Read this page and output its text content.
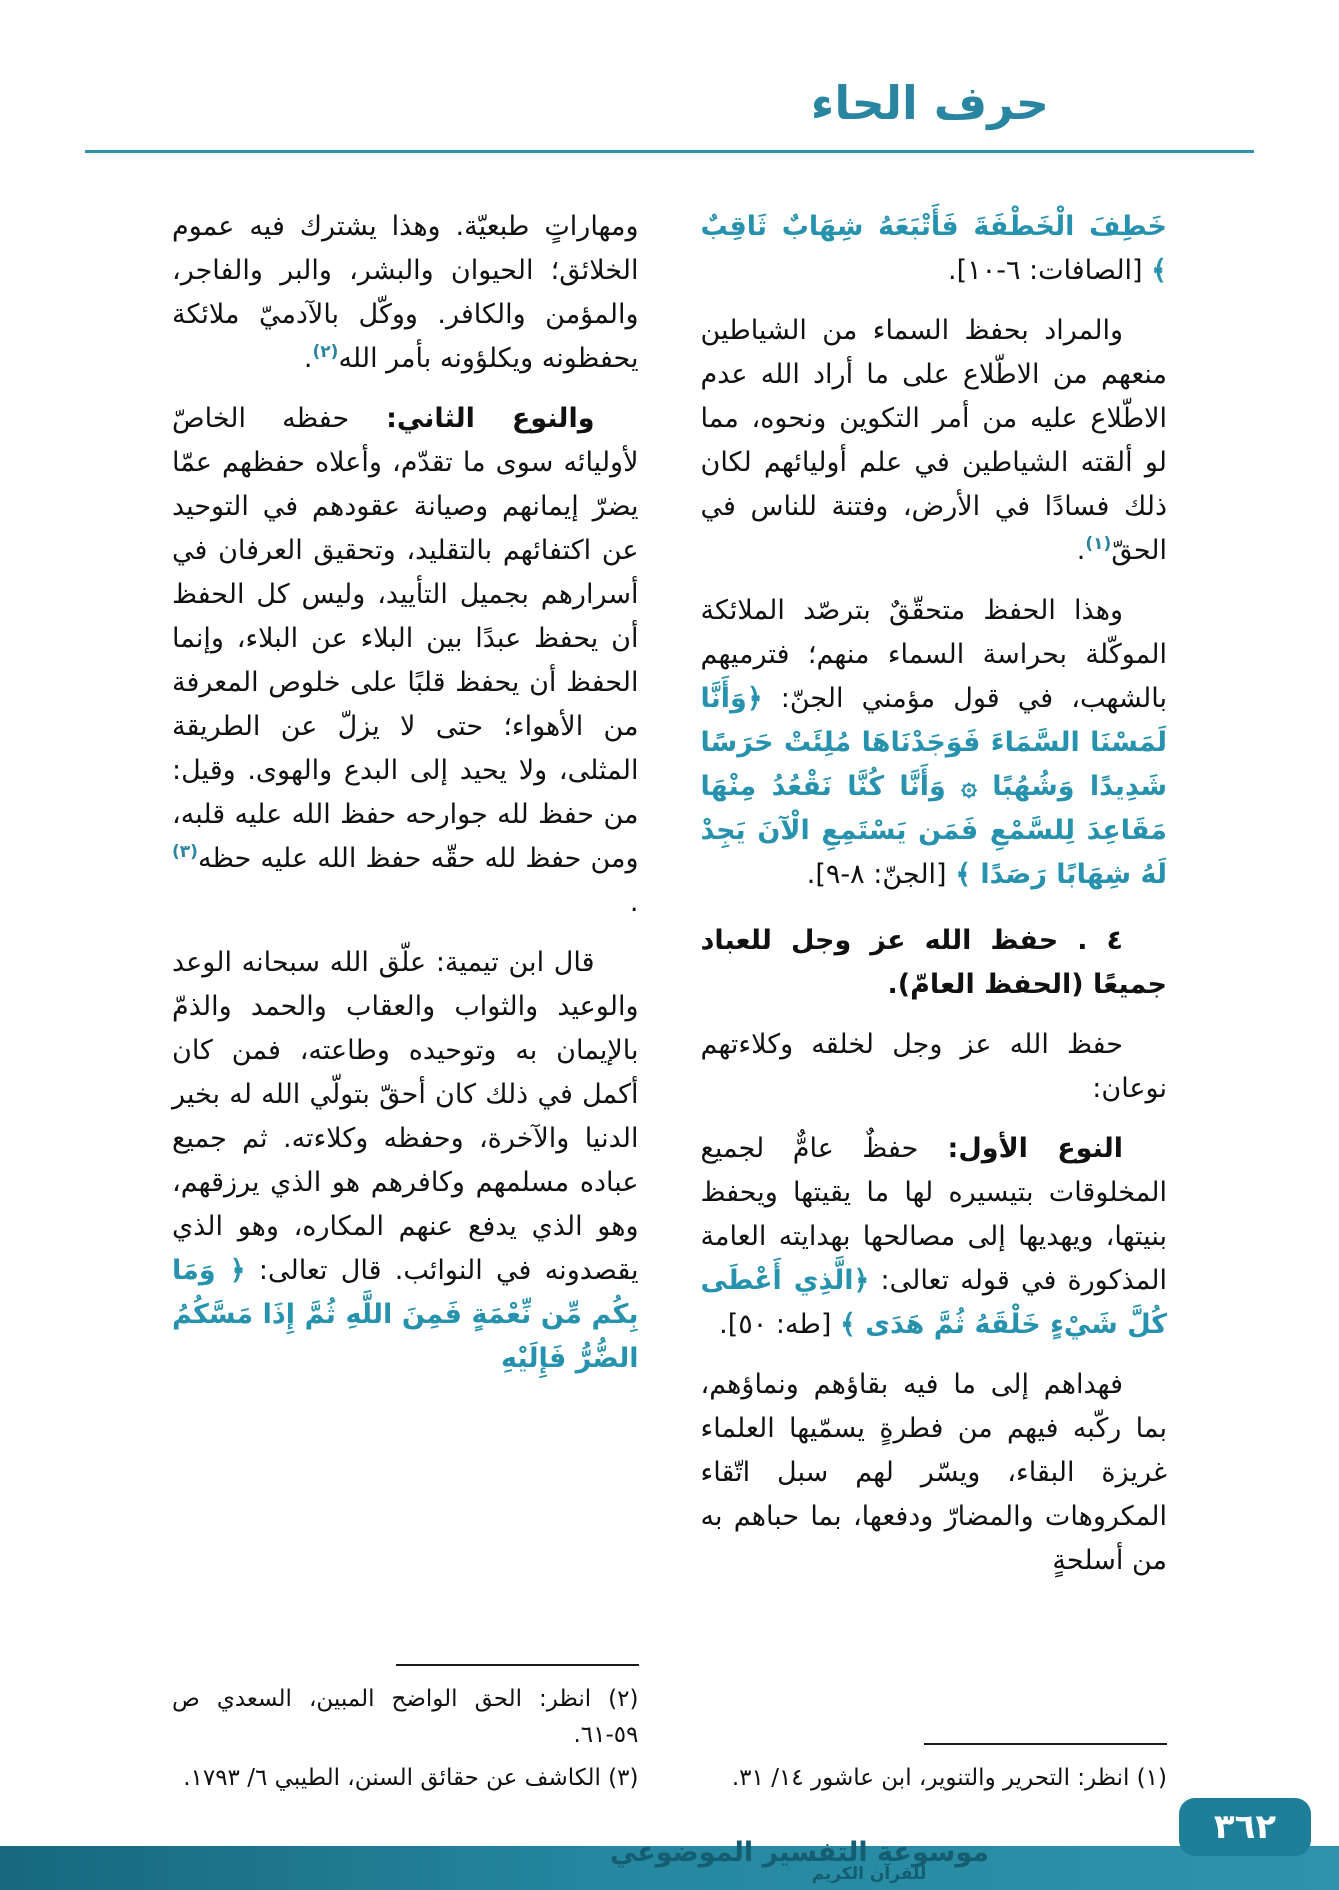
حرف الحاء

خَطِفَ الْخَطْفَةَ فَأَتْبَعَهُ شِهَابٌ ثَاقِبٌ ﴾ [الصافات: ٦-١٠].

والمراد بحفظ السماء من الشياطين منعهم من الاطّلاع على ما أراد الله عدم الاطّلاع عليه من أمر التكوين ونحوه، مما لو ألقته الشياطين في علم أوليائهم لكان ذلك فسادًا في الأرض، وفتنة للناس في الحقّ$^{(١)}$.

وهذا الحفظ متحقّقٌ بترصّد الملائكة الموكّلة بحراسة السماء منهم؛ فترميهم بالشهب، في قول مؤمني الجنّ: ﴿وَأَنَّا لَمَسْنَا السَّمَاءَ فَوَجَدْنَاهَا مُلِئَتْ حَرَسًا شَدِيدًا وَشُهُبًا ۞ وَأَنَّا كُنَّا نَقْعُدُ مِنْهَا مَقَاعِدَ لِلسَّمْعِ فَمَن يَسْتَمِعِ الْآنَ يَجِدْ لَهُ شِهَابًا رَصَدًا ﴾ [الجنّ: ٨-٩].

٤ . حفظ الله عز وجل للعباد جميعًا (الحفظ العامّ).

حفظ الله عز وجل لخلقه وكلاءتهم نوعان:

النوع الأول: حفظٌ عامٌّ لجميع المخلوقات بتيسيره لها ما يقيتها ويحفظ بنيتها، ويهديها إلى مصالحها بهدايته العامة المذكورة في قوله تعالى: ﴿الَّذِي أَعْطَى كُلَّ شَيْءٍ خَلْقَهُ ثُمَّ هَدَى ﴾ [طه: ٥٠].

فهداهم إلى ما فيه بقاؤهم ونماؤهم، بما ركّبه فيهم من فطرةٍ يسمّيها العلماء غريزة البقاء، ويسّر لهم سبل اتّقاء المكروهات والمضارّ ودفعها، بما حباهم به من أسلحةٍ

(١) انظر: التحرير والتنوير، ابن عاشور ١٤/ ٣١.

ومهاراتٍ طبعيّة. وهذا يشترك فيه عموم الخلائق؛ الحيوان والبشر، والبر والفاجر، والمؤمن والكافر. ووكّل بالآدميّ ملائكة يحفظونه ويكلؤونه بأمر الله$^{(٢)}$.

والنوع الثاني: حفظه الخاصّ لأوليائه سوى ما تقدّم، وأعلاه حفظهم عمّا يضرّ إيمانهم وصيانة عقودهم في التوحيد عن اكتفائهم بالتقليد، وتحقيق العرفان في أسرارهم بجميل التأييد، وليس كل الحفظ أن يحفظ عبدًا بين البلاء عن البلاء، وإنما الحفظ أن يحفظ قلبًا على خلوص المعرفة من الأهواء؛ حتى لا يزلّ عن الطريقة المثلى، ولا يحيد إلى البدع والهوى. وقيل: من حفظ لله جوارحه حفظ الله عليه قلبه، ومن حفظ لله حقّه حفظ الله عليه حظه$^{(٣)}$ .

قال ابن تيمية: علّق الله سبحانه الوعد والوعيد والثواب والعقاب والحمد والذمّ بالإيمان به وتوحيده وطاعته، فمن كان أكمل في ذلك كان أحقّ بتولّي الله له بخير الدنيا والآخرة، وحفظه وكلاءته. ثم جميع عباده مسلمهم وكافرهم هو الذي يرزقهم، وهو الذي يدفع عنهم المكاره، وهو الذي يقصدونه في النوائب. قال تعالى: ﴿ وَمَا بِكُم مِّن نِّعْمَةٍ فَمِنَ اللَّهِ ثُمَّ إِذَا مَسَّكُمُ الضُّرُّ فَإِلَيْهِ

(٢) انظر: الحق الواضح المبين، السعدي ص ٥٩-٦١.

(٣) الكاشف عن حقائق السنن، الطيبي ٦/ ١٧٩٣.

موسوعة التفسير الموضوعي
للقرآن الكريم
٣٦٢
